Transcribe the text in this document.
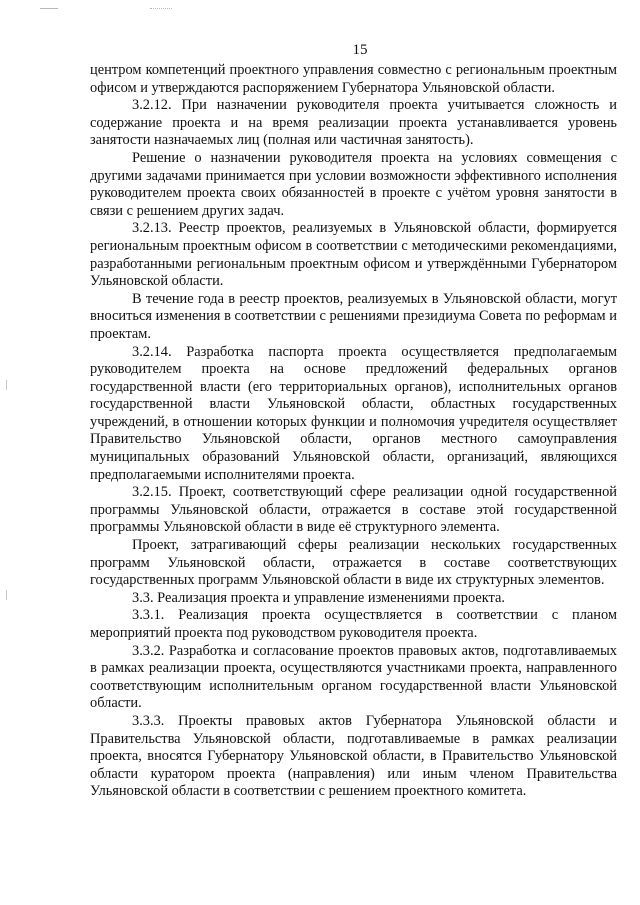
15

центром компетенций проектного управления совместно с региональным проектным офисом и утверждаются распоряжением Губернатора Ульяновской области.

3.2.12. При назначении руководителя проекта учитывается сложность и содержание проекта и на время реализации проекта устанавливается уровень занятости назначаемых лиц (полная или частичная занятость).

Решение о назначении руководителя проекта на условиях совмещения с другими задачами принимается при условии возможности эффективного исполнения руководителем проекта своих обязанностей в проекте с учётом уровня занятости в связи с решением других задач.

3.2.13. Реестр проектов, реализуемых в Ульяновской области, формируется региональным проектным офисом в соответствии с методическими рекомендациями, разработанными региональным проектным офисом и утверждёнными Губернатором Ульяновской области.

В течение года в реестр проектов, реализуемых в Ульяновской области, могут вноситься изменения в соответствии с решениями президиума Совета по реформам и проектам.

3.2.14. Разработка паспорта проекта осуществляется предполагаемым руководителем проекта на основе предложений федеральных органов государственной власти (его территориальных органов), исполнительных органов государственной власти Ульяновской области, областных государственных учреждений, в отношении которых функции и полномочия учредителя осуществляет Правительство Ульяновской области, органов местного самоуправления муниципальных образований Ульяновской области, организаций, являющихся предполагаемыми исполнителями проекта.

3.2.15. Проект, соответствующий сфере реализации одной государственной программы Ульяновской области, отражается в составе этой государственной программы Ульяновской области в виде её структурного элемента.

Проект, затрагивающий сферы реализации нескольких государственных программ Ульяновской области, отражается в составе соответствующих государственных программ Ульяновской области в виде их структурных элементов.

3.3. Реализация проекта и управление изменениями проекта.

3.3.1. Реализация проекта осуществляется в соответствии с планом мероприятий проекта под руководством руководителя проекта.

3.3.2. Разработка и согласование проектов правовых актов, подготавливаемых в рамках реализации проекта, осуществляются участниками проекта, направленного соответствующим исполнительным органом государственной власти Ульяновской области.

3.3.3. Проекты правовых актов Губернатора Ульяновской области и Правительства Ульяновской области, подготавливаемые в рамках реализации проекта, вносятся Губернатору Ульяновской области, в Правительство Ульяновской области куратором проекта (направления) или иным членом Правительства Ульяновской области в соответствии с решением проектного комитета.
